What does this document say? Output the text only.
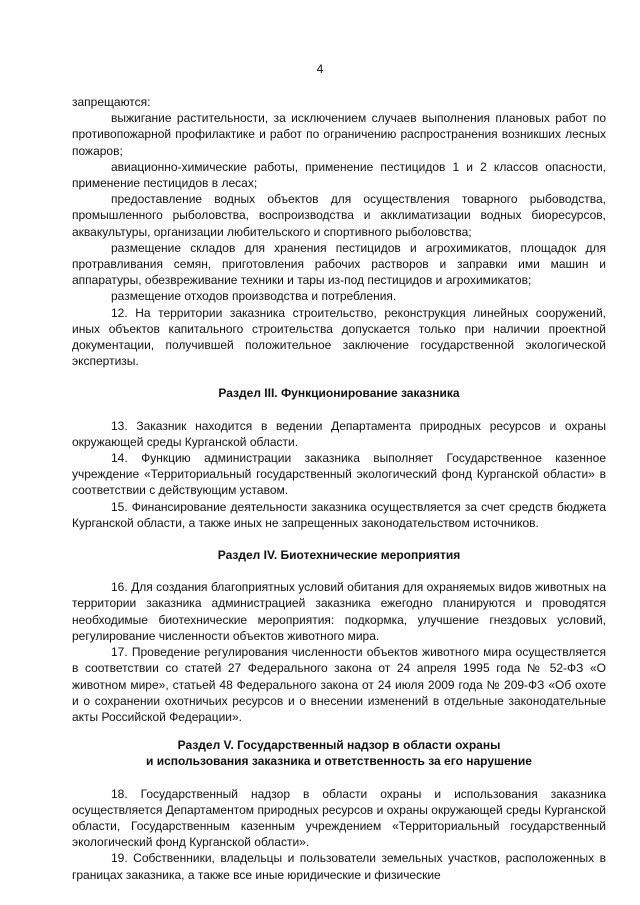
4

запрещаются:

выжигание растительности, за исключением случаев выполнения плановых работ по противопожарной профилактике и работ по ограничению распространения возникших лесных пожаров;

авиационно-химические работы, применение пестицидов 1 и 2 классов опасности, применение пестицидов в лесах;

предоставление водных объектов для осуществления товарного рыбоводства, промышленного рыболовства, воспроизводства и акклиматизации водных биоресурсов, аквакультуры, организации любительского и спортивного рыболовства;

размещение складов для хранения пестицидов и агрохимикатов, площадок для протравливания семян, приготовления рабочих растворов и заправки ими машин и аппаратуры, обезвреживание техники и тары из-под пестицидов и агрохимикатов;

размещение отходов производства и потребления.

12. На территории заказника строительство, реконструкция линейных сооружений, иных объектов капитального строительства допускается только при наличии проектной документации, получившей положительное заключение государственной экологической экспертизы.

Раздел III. Функционирование заказника

13. Заказник находится в ведении Департамента природных ресурсов и охраны окружающей среды Курганской области.

14. Функцию администрации заказника выполняет Государственное казенное учреждение «Территориальный государственный экологический фонд Курганской области» в соответствии с действующим уставом.

15. Финансирование деятельности заказника осуществляется за счет средств бюджета Курганской области, а также иных не запрещенных законодательством источников.

Раздел IV. Биотехнические мероприятия

16. Для создания благоприятных условий обитания для охраняемых видов животных на территории заказника администрацией заказника ежегодно планируются и проводятся необходимые биотехнические мероприятия: подкормка, улучшение гнездовых условий, регулирование численности объектов животного мира.

17. Проведение регулирования численности объектов животного мира осуществляется в соответствии со статей 27 Федерального закона от 24 апреля 1995 года № 52-ФЗ «О животном мире», статьей 48 Федерального закона от 24 июля 2009 года № 209-ФЗ «Об охоте и о сохранении охотничьих ресурсов и о внесении изменений в отдельные законодательные акты Российской Федерации».

Раздел V. Государственный надзор в области охраны
и использования заказника и ответственность за его нарушение

18. Государственный надзор в области охраны и использования заказника осуществляется Департаментом природных ресурсов и охраны окружающей среды Курганской области, Государственным казенным учреждением «Территориальный государственный экологический фонд Курганской области».

19. Собственники, владельцы и пользователи земельных участков, расположенных в границах заказника, а также все иные юридические и физические
